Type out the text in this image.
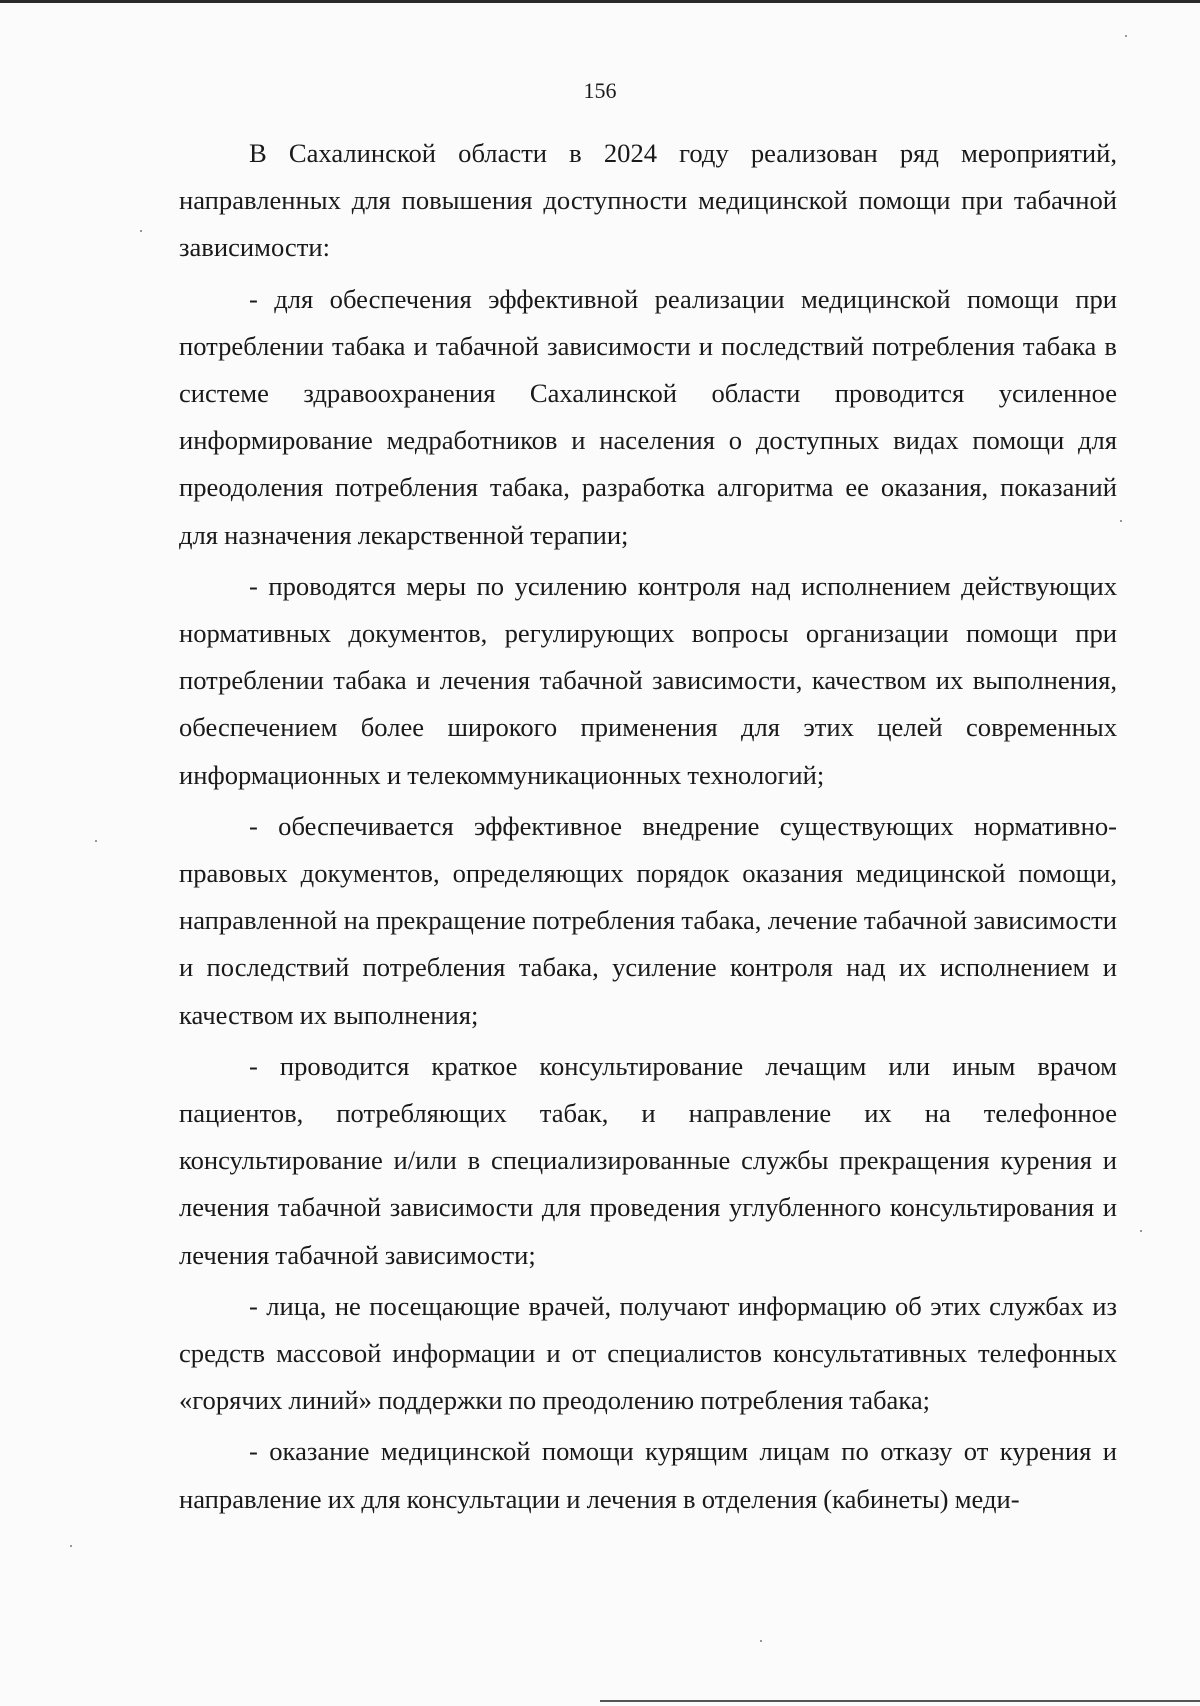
156

В Сахалинской области в 2024 году реализован ряд мероприятий, направленных для повышения доступности медицинской помощи при табачной зависимости:

- для обеспечения эффективной реализации медицинской помощи при потреблении табака и табачной зависимости и последствий потребления табака в системе здравоохранения Сахалинской области проводится усиленное информирование медработников и населения о доступных видах помощи для преодоления потребления табака, разработка алгоритма ее оказания, показаний для назначения лекарственной терапии;

- проводятся меры по усилению контроля над исполнением действующих нормативных документов, регулирующих вопросы организации помощи при потреблении табака и лечения табачной зависимости, качеством их выполнения, обеспечением более широкого применения для этих целей современных информационных и телекоммуникационных технологий;

- обеспечивается эффективное внедрение существующих нормативно-правовых документов, определяющих порядок оказания медицинской помощи, направленной на прекращение потребления табака, лечение табачной зависимости и последствий потребления табака, усиление контроля над их исполнением и качеством их выполнения;

- проводится краткое консультирование лечащим или иным врачом пациентов, потребляющих табак, и направление их на телефонное консультирование и/или в специализированные службы прекращения курения и лечения табачной зависимости для проведения углубленного консультирования и лечения табачной зависимости;

- лица, не посещающие врачей, получают информацию об этих службах из средств массовой информации и от специалистов консультативных телефонных «горячих линий» поддержки по преодолению потребления табака;

- оказание медицинской помощи курящим лицам по отказу от курения и направление их для консультации и лечения в отделения (кабинеты) меди-
